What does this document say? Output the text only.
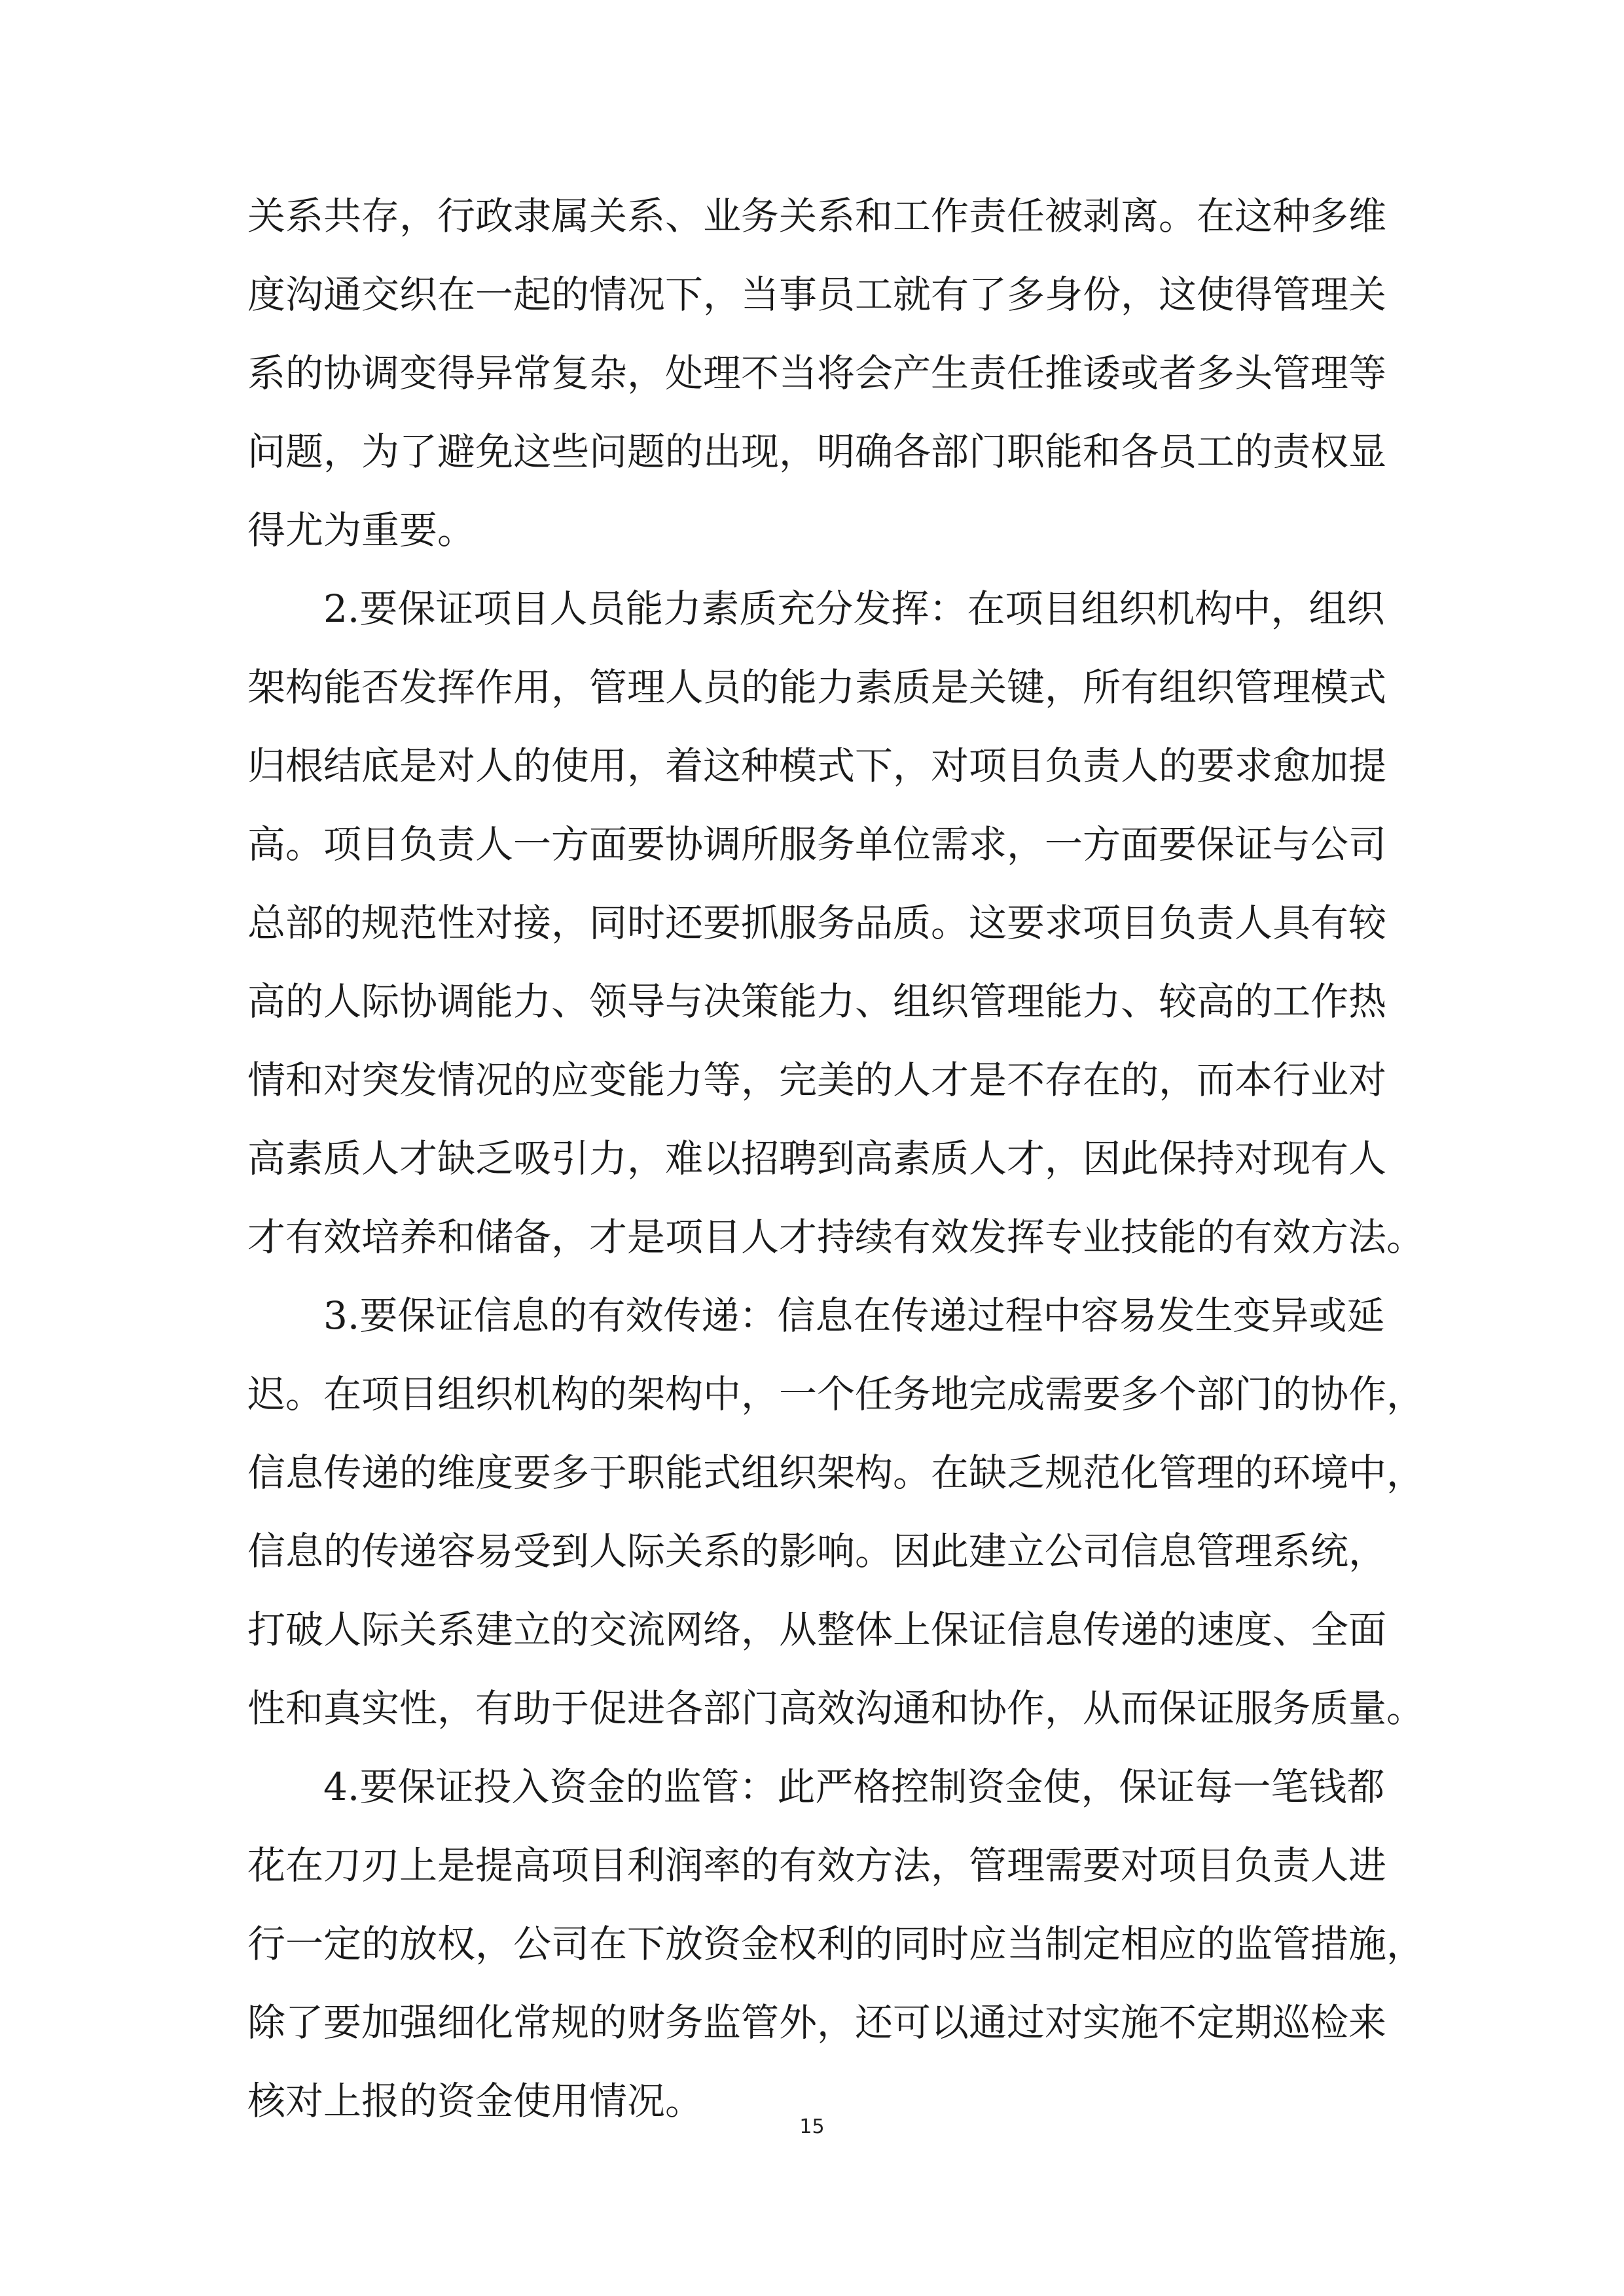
关系共存，行政隶属关系、业务关系和工作责任被剥离。在这种多维
度沟通交织在一起的情况下，当事员工就有了多身份，这使得管理关
系的协调变得异常复杂，处理不当将会产生责任推诿或者多头管理等
问题，为了避免这些问题的出现，明确各部门职能和各员工的责权显
得尤为重要。
2.要保证项目人员能力素质充分发挥：在项目组织机构中，组织
架构能否发挥作用，管理人员的能力素质是关键，所有组织管理模式
归根结底是对人的使用，着这种模式下，对项目负责人的要求愈加提
高。项目负责人一方面要协调所服务单位需求，一方面要保证与公司
总部的规范性对接，同时还要抓服务品质。这要求项目负责人具有较
高的人际协调能力、领导与决策能力、组织管理能力、较高的工作热
情和对突发情况的应变能力等，完美的人才是不存在的，而本行业对
高素质人才缺乏吸引力，难以招聘到高素质人才，因此保持对现有人
才有效培养和储备，才是项目人才持续有效发挥专业技能的有效方法。
3.要保证信息的有效传递：信息在传递过程中容易发生变异或延
迟。在项目组织机构的架构中，一个任务地完成需要多个部门的协作，
信息传递的维度要多于职能式组织架构。在缺乏规范化管理的环境中，
信息的传递容易受到人际关系的影响。因此建立公司信息管理系统，
打破人际关系建立的交流网络，从整体上保证信息传递的速度、全面
性和真实性，有助于促进各部门高效沟通和协作，从而保证服务质量。
4.要保证投入资金的监管：此严格控制资金使，保证每一笔钱都
花在刀刃上是提高项目利润率的有效方法，管理需要对项目负责人进
行一定的放权，公司在下放资金权利的同时应当制定相应的监管措施，
除了要加强细化常规的财务监管外，还可以通过对实施不定期巡检来
核对上报的资金使用情况。
15
